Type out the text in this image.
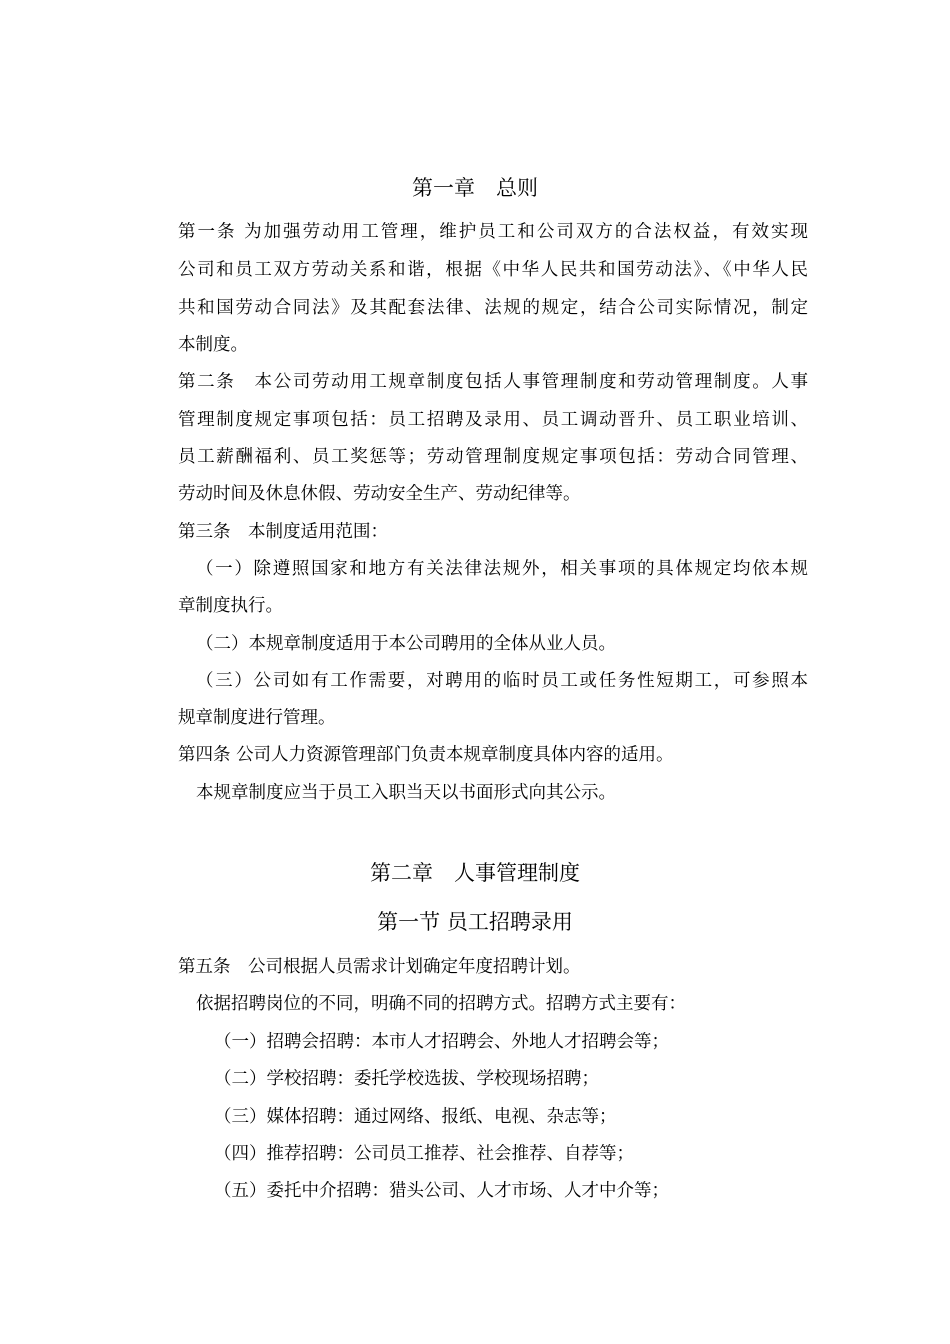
第一章　总则
第一条 为加强劳动用工管理，维护员工和公司双方的合法权益，有效实现
公司和员工双方劳动关系和谐，根据《中华人民共和国劳动法》、《中华人民
共和国劳动合同法》及其配套法律、法规的规定，结合公司实际情况，制定
本制度。
第二条　本公司劳动用工规章制度包括人事管理制度和劳动管理制度。人事
管理制度规定事项包括：员工招聘及录用、员工调动晋升、员工职业培训、
员工薪酬福利、员工奖惩等；劳动管理制度规定事项包括：劳动合同管理、
劳动时间及休息休假、劳动安全生产、劳动纪律等。
第三条　本制度适用范围：
（一）除遵照国家和地方有关法律法规外，相关事项的具体规定均依本规
章制度执行。
（二）本规章制度适用于本公司聘用的全体从业人员。
（三）公司如有工作需要，对聘用的临时员工或任务性短期工，可参照本
规章制度进行管理。
第四条 公司人力资源管理部门负责本规章制度具体内容的适用。
本规章制度应当于员工入职当天以书面形式向其公示。
第二章　人事管理制度
第一节 员工招聘录用
第五条　公司根据人员需求计划确定年度招聘计划。
依据招聘岗位的不同，明确不同的招聘方式。招聘方式主要有：
（一）招聘会招聘：本市人才招聘会、外地人才招聘会等；
（二）学校招聘：委托学校选拔、学校现场招聘；
（三）媒体招聘：通过网络、报纸、电视、杂志等；
（四）推荐招聘：公司员工推荐、社会推荐、自荐等；
（五）委托中介招聘：猎头公司、人才市场、人才中介等；
